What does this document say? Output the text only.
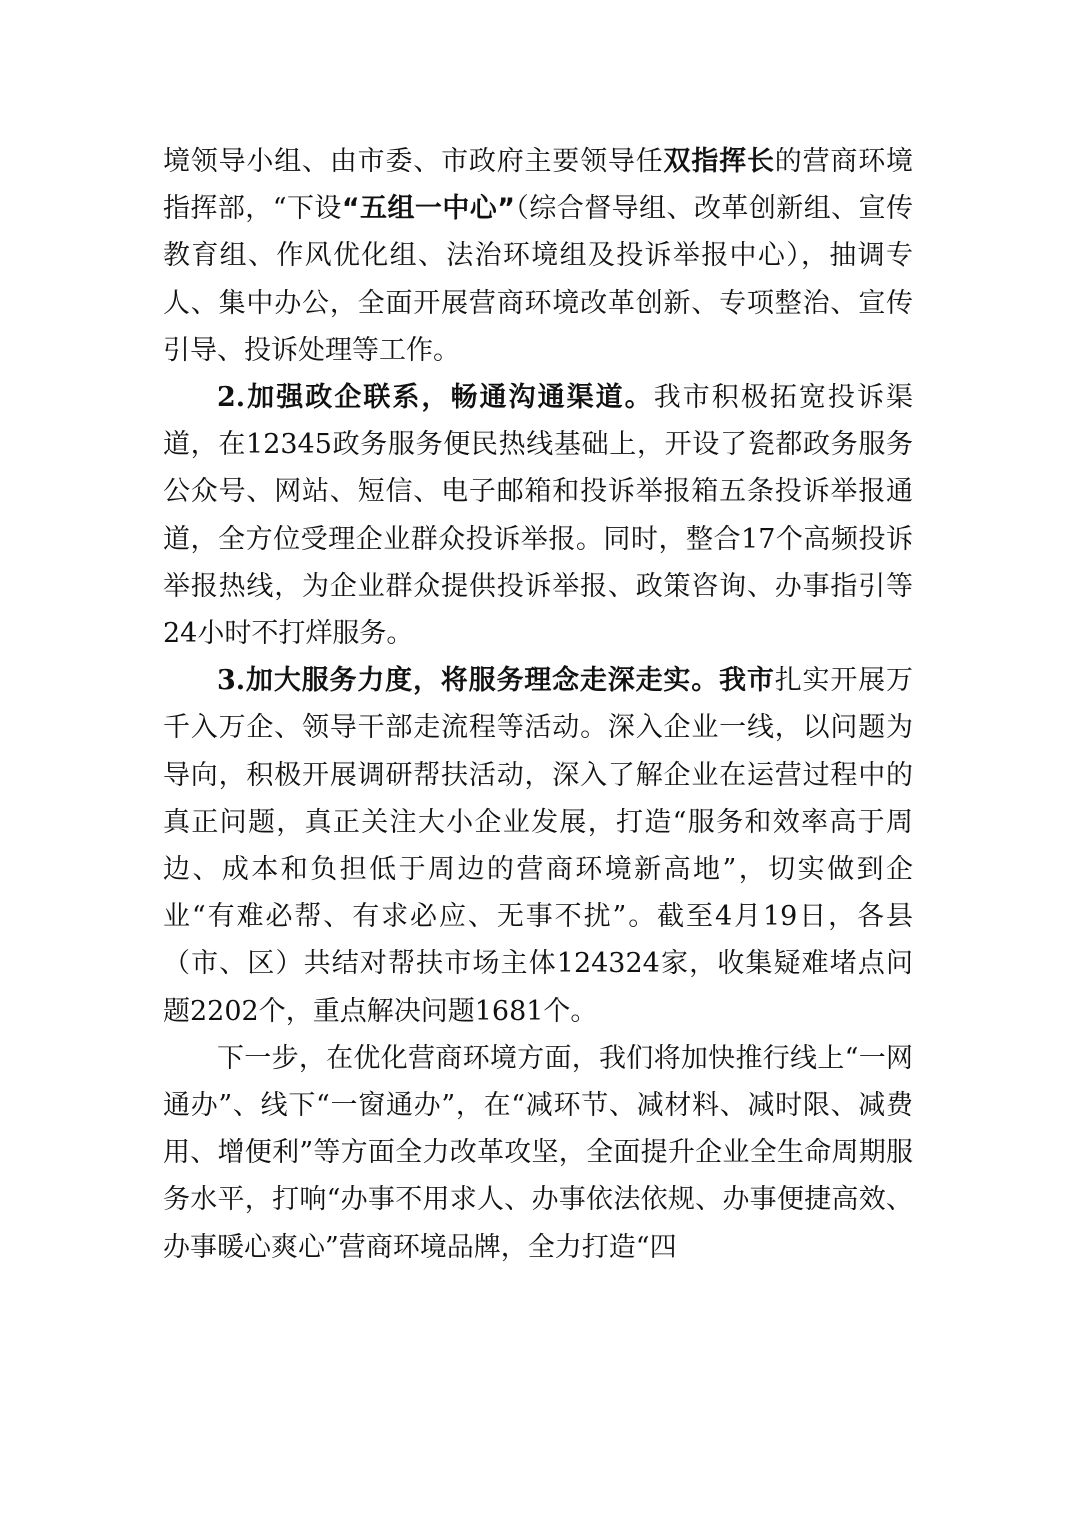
境领导小组、由市委、市政府主要领导任双指挥长的营商环境指挥部，“下设“五组一中心”（综合督导组、改革创新组、宣传教育组、作风优化组、法治环境组及投诉举报中心），抽调专人、集中办公，全面开展营商环境改革创新、专项整治、宣传引导、投诉处理等工作。

2.加强政企联系，畅通沟通渠道。我市积极拓宽投诉渠道，在12345政务服务便民热线基础上，开设了瓷都政务服务公众号、网站、短信、电子邮箱和投诉举报箱五条投诉举报通道，全方位受理企业群众投诉举报。同时，整合17个高频投诉举报热线，为企业群众提供投诉举报、政策咨询、办事指引等24小时不打烊服务。

3.加大服务力度，将服务理念走深走实。我市扎实开展万千入万企、领导干部走流程等活动。深入企业一线，以问题为导向，积极开展调研帮扶活动，深入了解企业在运营过程中的真正问题，真正关注大小企业发展，打造“服务和效率高于周边、成本和负担低于周边的营商环境新高地”，切实做到企业“有难必帮、有求必应、无事不扰”。截至4月19日，各县（市、区）共结对帮扶市场主体124324家，收集疑难堵点问题2202个，重点解决问题1681个。

下一步，在优化营商环境方面，我们将加快推行线上“一网通办”、线下“一窗通办”，在“减环节、减材料、减时限、减费用、增便利”等方面全力改革攻坚，全面提升企业全生命周期服务水平，打响“办事不用求人、办事依法依规、办事便捷高效、办事暖心爽心”营商环境品牌，全力打造“四
